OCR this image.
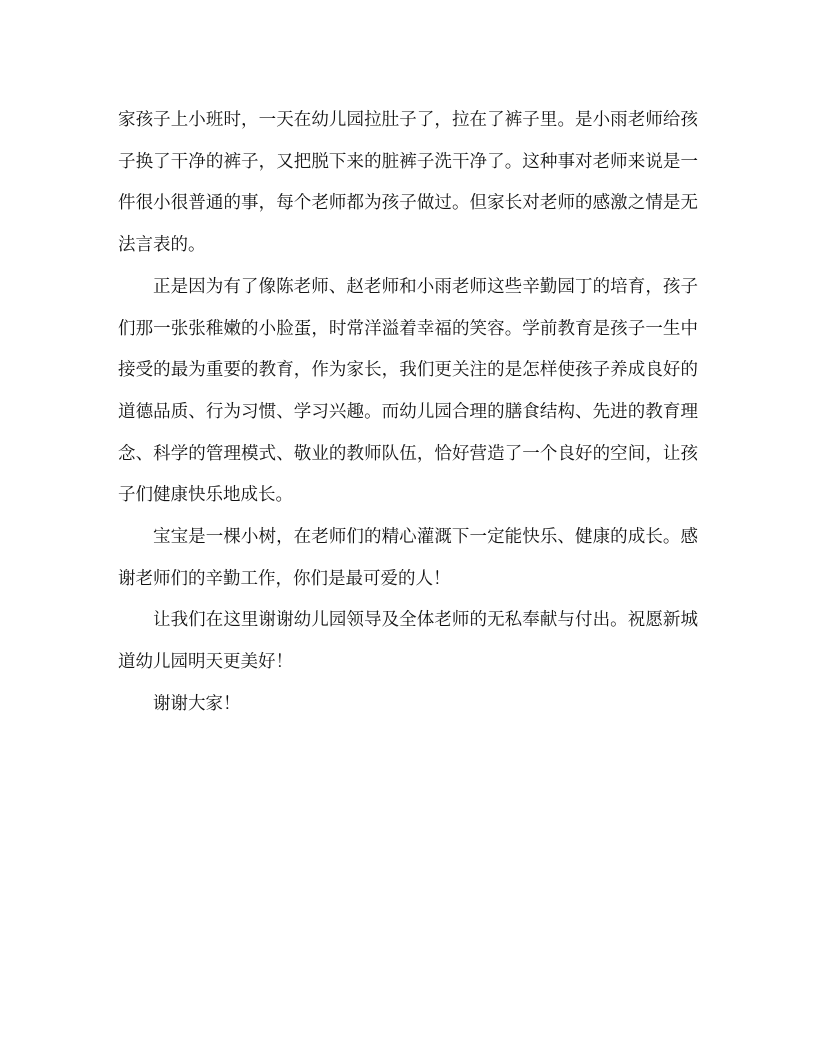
家孩子上小班时，一天在幼儿园拉肚子了，拉在了裤子里。是小雨老师给孩子换了干净的裤子，又把脱下来的脏裤子洗干净了。这种事对老师来说是一件很小很普通的事，每个老师都为孩子做过。但家长对老师的感激之情是无法言表的。

正是因为有了像陈老师、赵老师和小雨老师这些辛勤园丁的培育，孩子们那一张张稚嫩的小脸蛋，时常洋溢着幸福的笑容。学前教育是孩子一生中接受的最为重要的教育，作为家长，我们更关注的是怎样使孩子养成良好的道德品质、行为习惯、学习兴趣。而幼儿园合理的膳食结构、先进的教育理念、科学的管理模式、敬业的教师队伍，恰好营造了一个良好的空间，让孩子们健康快乐地成长。

宝宝是一棵小树，在老师们的精心灌溉下一定能快乐、健康的成长。感谢老师们的辛勤工作，你们是最可爱的人！

让我们在这里谢谢幼儿园领导及全体老师的无私奉献与付出。祝愿新城道幼儿园明天更美好！

谢谢大家！
